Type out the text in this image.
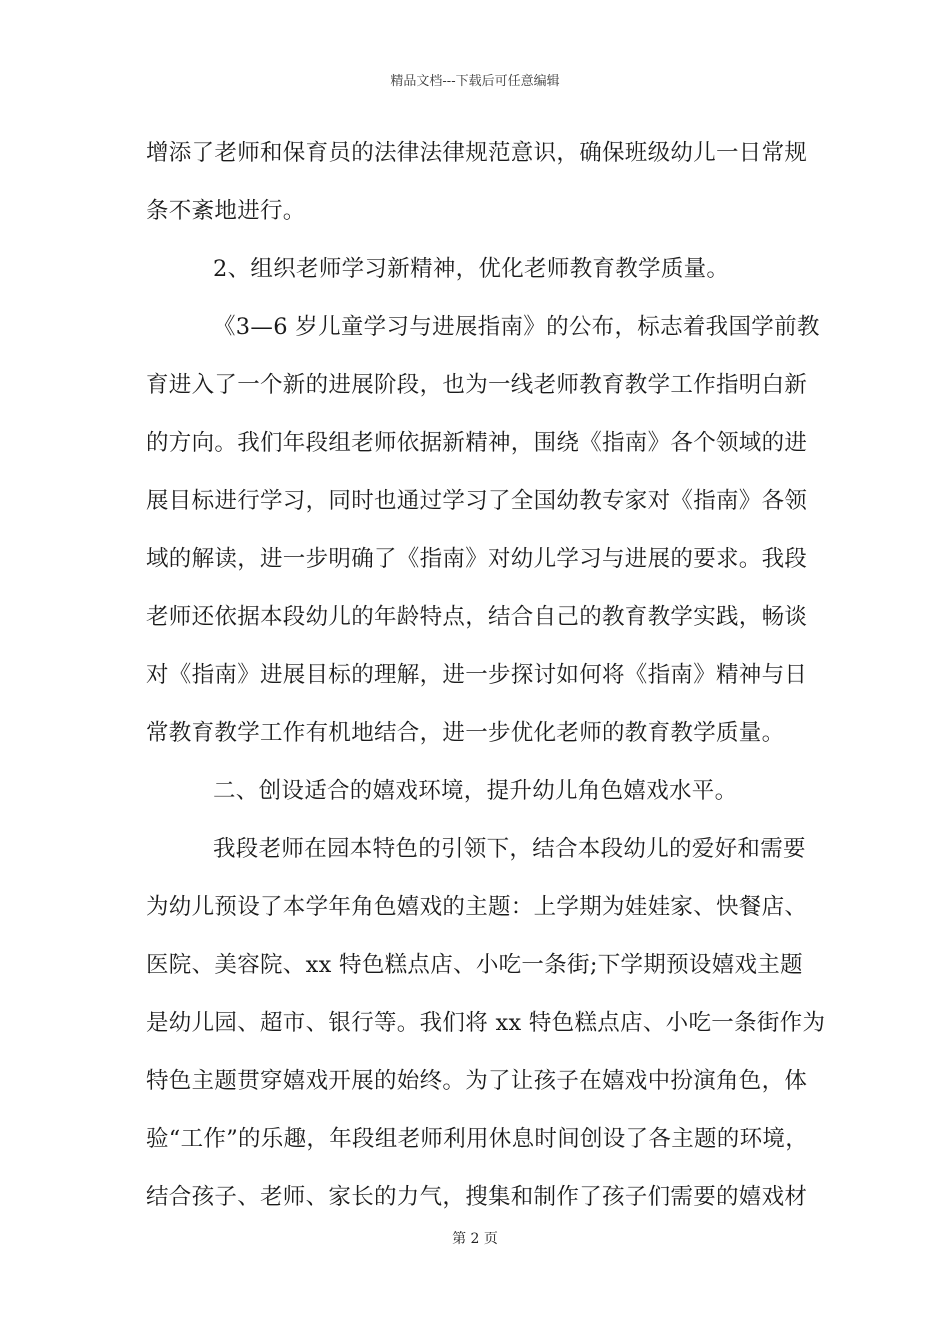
精品文档---下载后可任意编辑
增添了老师和保育员的法律法律规范意识，确保班级幼儿一日常规
条不紊地进行。
2、组织老师学习新精神，优化老师教育教学质量。
《3—6 岁儿童学习与进展指南》的公布，标志着我国学前教
育进入了一个新的进展阶段，也为一线老师教育教学工作指明白新
的方向。我们年段组老师依据新精神，围绕《指南》各个领域的进
展目标进行学习，同时也通过学习了全国幼教专家对《指南》各领
域的解读，进一步明确了《指南》对幼儿学习与进展的要求。我段
老师还依据本段幼儿的年龄特点，结合自己的教育教学实践，畅谈
对《指南》进展目标的理解，进一步探讨如何将《指南》精神与日
常教育教学工作有机地结合，进一步优化老师的教育教学质量。
二、创设适合的嬉戏环境，提升幼儿角色嬉戏水平。
我段老师在园本特色的引领下，结合本段幼儿的爱好和需要
为幼儿预设了本学年角色嬉戏的主题：上学期为娃娃家、快餐店、
医院、美容院、xx 特色糕点店、小吃一条街;下学期预设嬉戏主题
是幼儿园、超市、银行等。我们将 xx 特色糕点店、小吃一条街作为
特色主题贯穿嬉戏开展的始终。为了让孩子在嬉戏中扮演角色，体
验“工作”的乐趣，年段组老师利用休息时间创设了各主题的环境，
结合孩子、老师、家长的力气，搜集和制作了孩子们需要的嬉戏材
第 2 页
